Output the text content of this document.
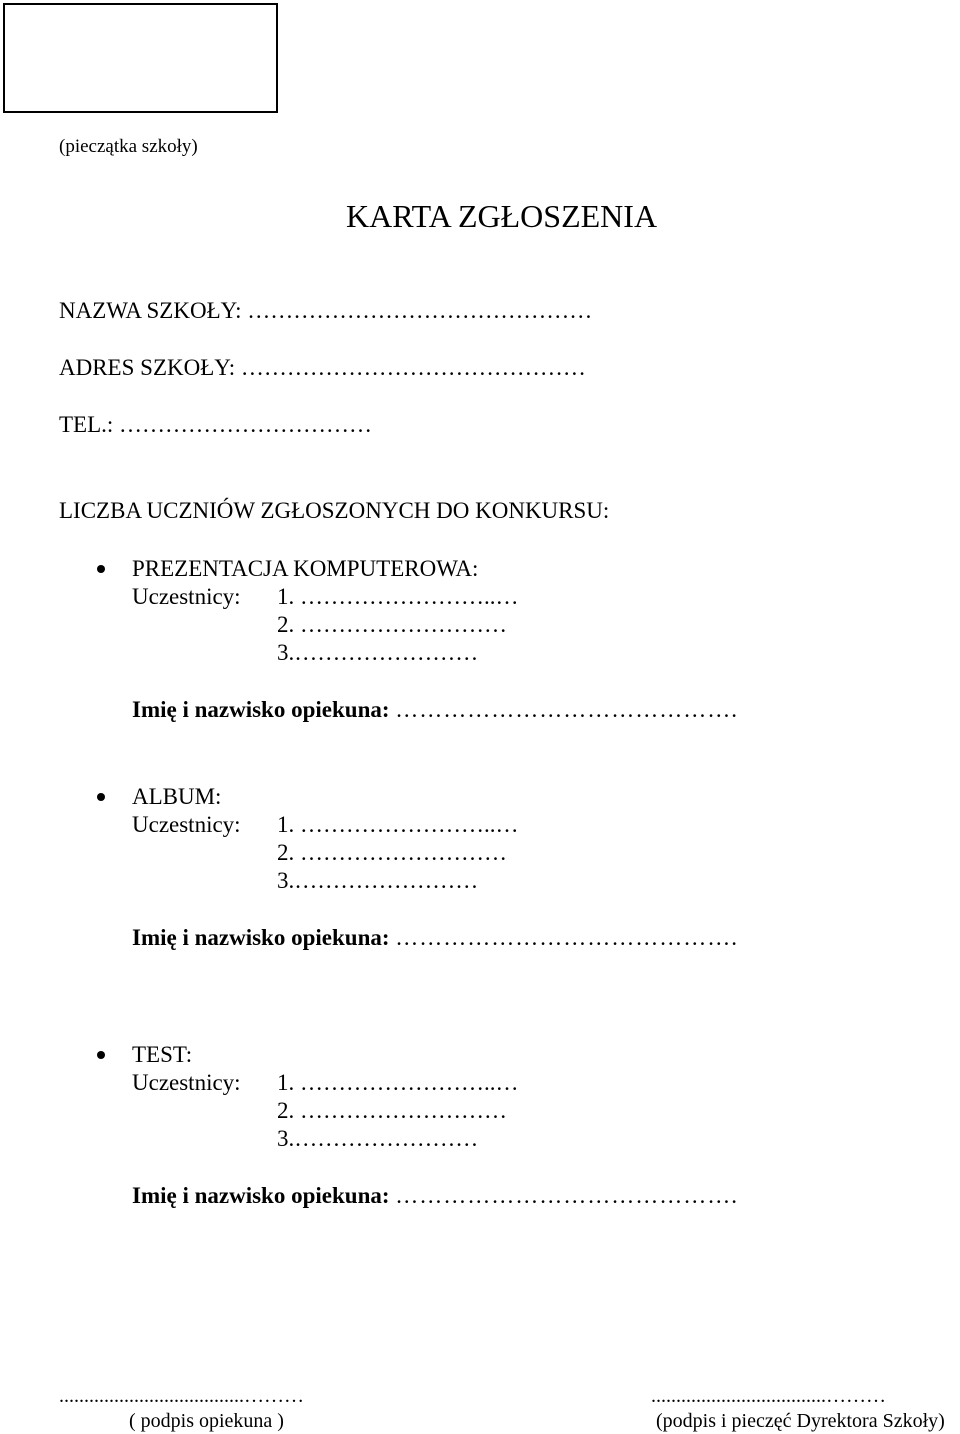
(pieczątka szkoły)
KARTA ZGŁOSZENIA
NAZWA SZKOŁY: ………………………………………
ADRES SZKOŁY: ………………………………………
TEL.: ……………………………
LICZBA UCZNIÓW ZGŁOSZONYCH DO KONKURSU:
PREZENTACJA KOMPUTEROWA:
Uczestnicy: 1. ……………………..…
2. ………………………
3.……………………
Imię i nazwisko opiekuna: …………………………………….
ALBUM:
Uczestnicy: 1. ……………………..…
2. ………………………
3.……………………
Imię i nazwisko opiekuna: …………………………………….
TEST:
Uczestnicy: 1. ……………………..…
2. ………………………
3.……………………
Imię i nazwisko opiekuna: …………………………………….
.....................................………
( podpis opiekuna )
...................................………
(podpis i pieczęć Dyrektora Szkoły)
